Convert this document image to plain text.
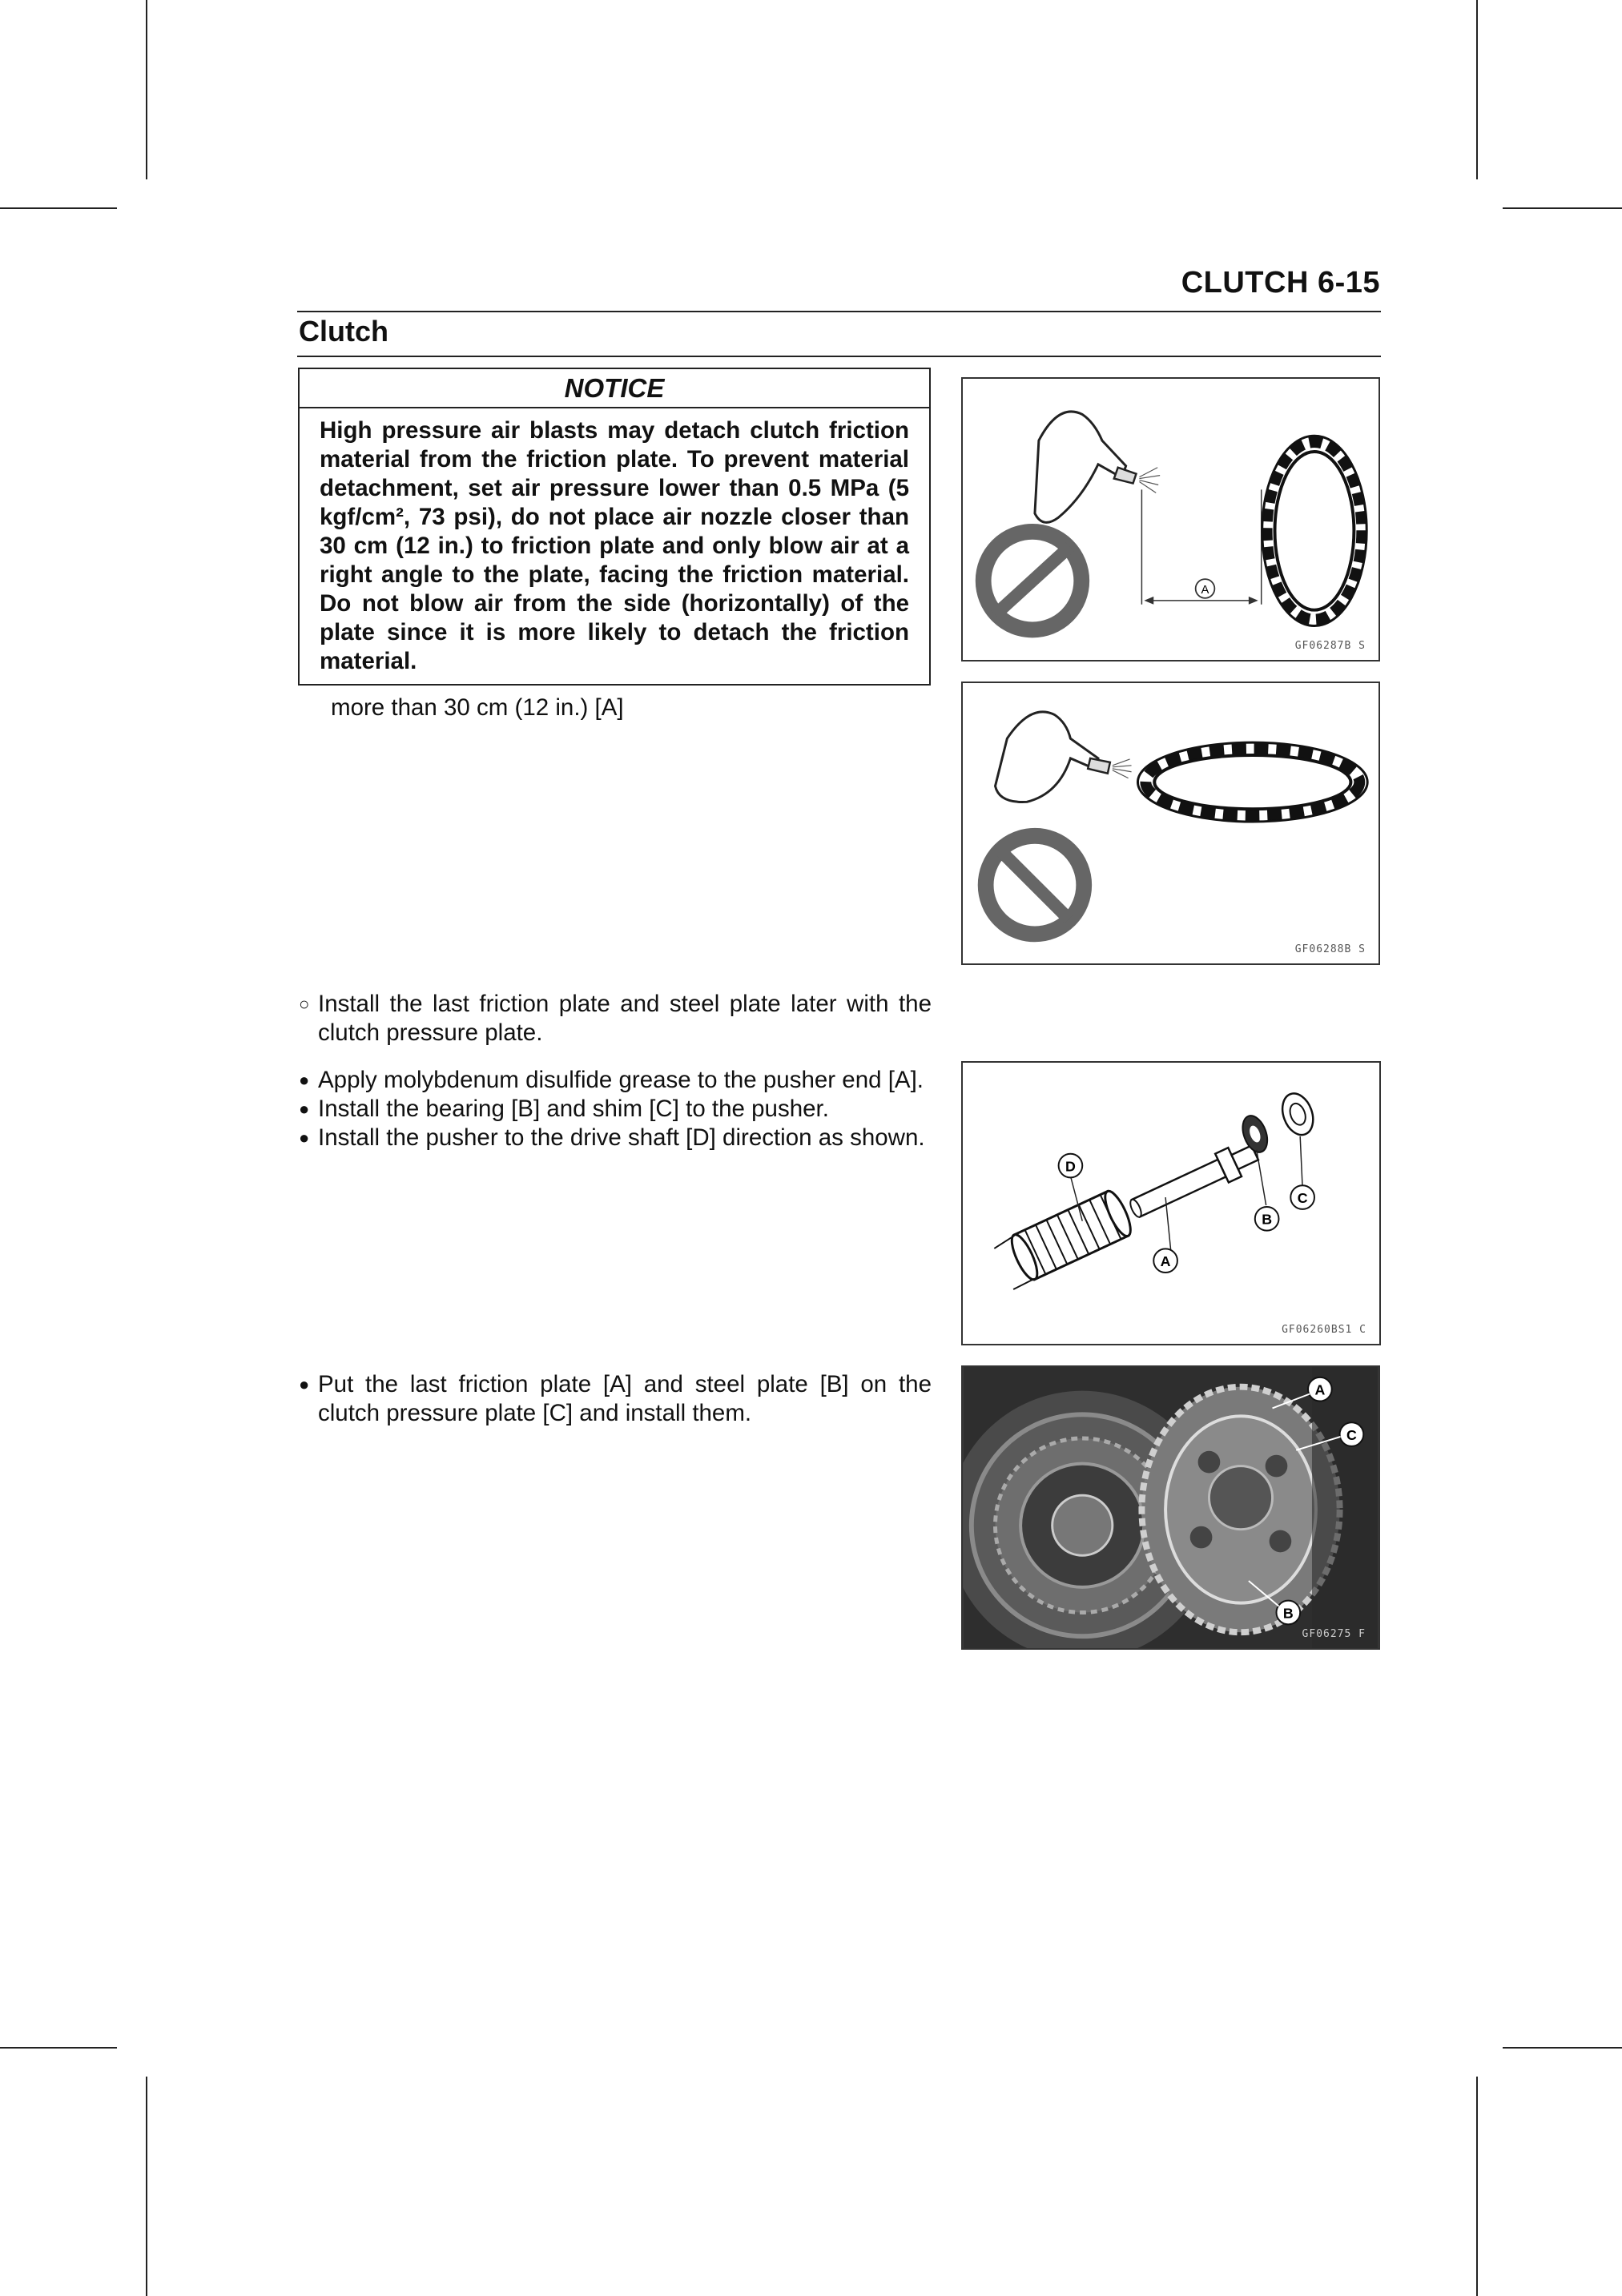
CLUTCH 6-15
Clutch
NOTICE
High pressure air blasts may detach clutch friction material from the friction plate. To prevent material detachment, set air pressure lower than 0.5 MPa (5 kgf/cm², 73 psi), do not place air nozzle closer than 30 cm (12 in.) to friction plate and only blow air at a right angle to the plate, facing the friction material. Do not blow air from the side (horizontally) of the plate since it is more likely to detach the friction material.
more than 30 cm (12 in.) [A]
○ Install the last friction plate and steel plate later with the clutch pressure plate.
● Apply molybdenum disulfide grease to the pusher end [A].
● Install the bearing [B] and shim [C] to the pusher.
● Install the pusher to the drive shaft [D] direction as shown.
● Put the last friction plate [A] and steel plate [B] on the clutch pressure plate [C] and install them.
A
GF06287B S
GF06288B S
D
A
B
C
GF06260BS1 C
A
C
B
GF06275 F
